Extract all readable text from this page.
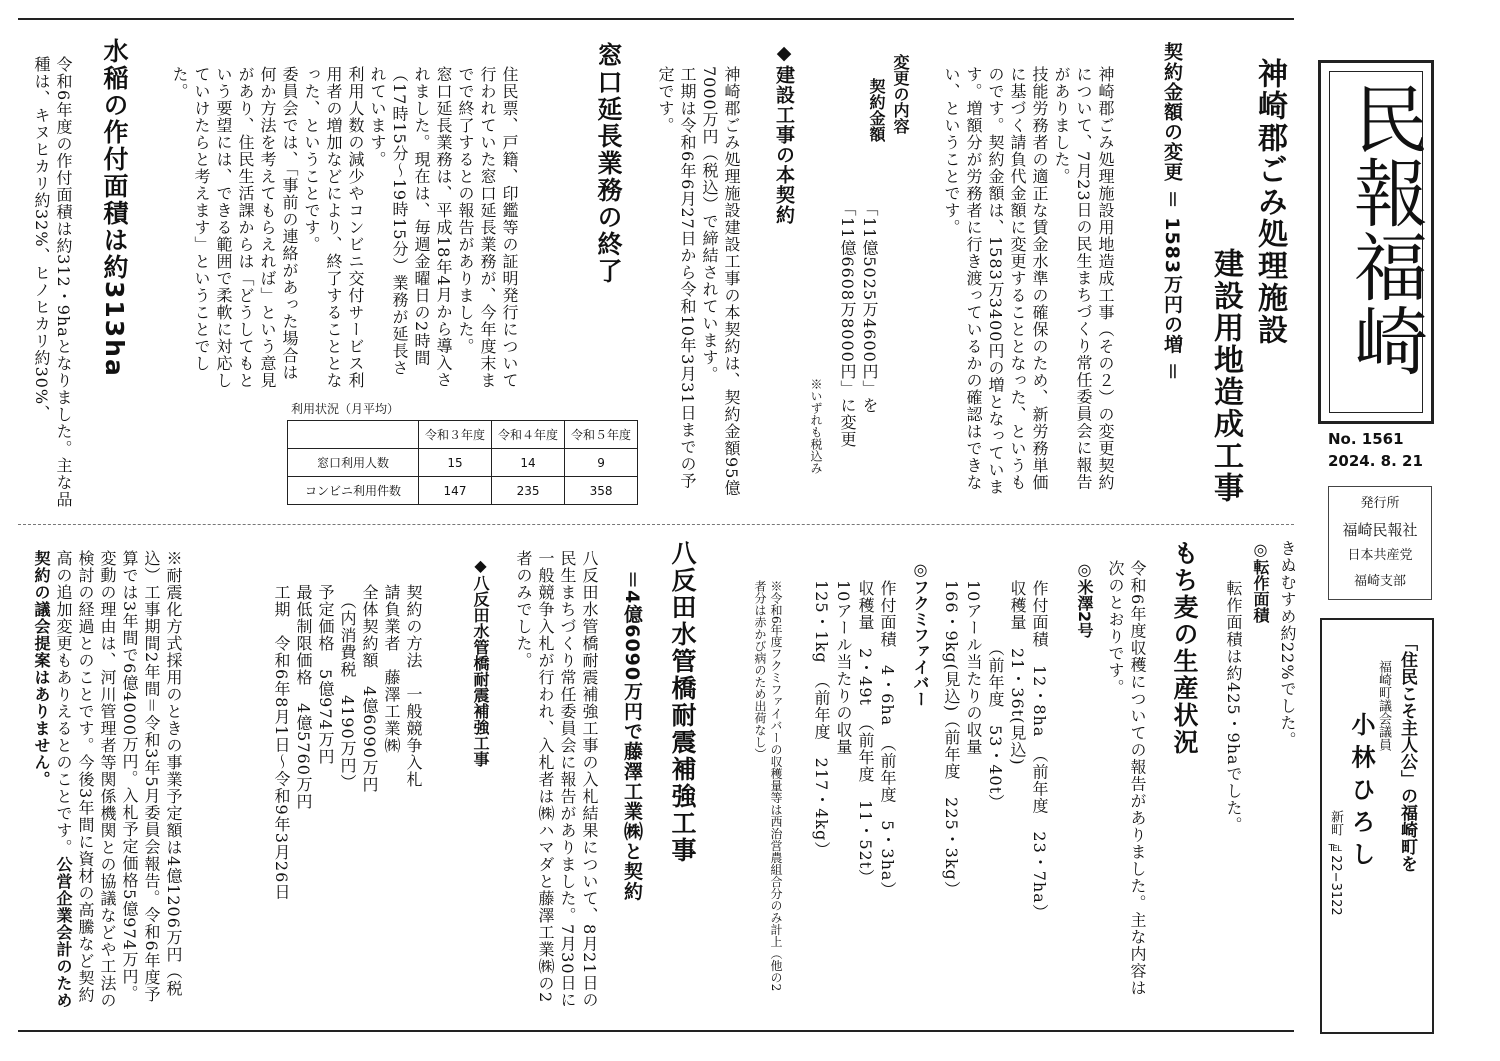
民報福崎
No. 1561
2024. 8. 21
発行所
福崎民報社
日本共産党
福崎支部
「住民こそ主人公」の福崎町を
福崎町議会議員
小 林 ひ ろ し
新町 ℡22−3122
神崎郡ごみ処理施設
建設用地造成工事
契約金額の変更 ＝ 1583万円の増 ＝
神崎郡ごみ処理施設用地造成工事（その２）の変更契約について、7月23日の民生まちづくり常任委員会に報告がありました。
技能労務者の適正な賃金水準の確保のため、新労務単価に基づく請負代金額に変更することとなった、というものです。契約金額は、1583万3400円の増となっています。増額分が労務者に行き渡っているかの確認はできない、ということです。
変更の内容
契約金額
「11億5025万4600円」を
「11億6608万8000円」に変更
※いずれも税込み
◆建設工事の本契約
神崎郡ごみ処理施設建設工事の本契約は、契約金額95億7000万円（税込）で締結されています。
工期は令和6年6月27日から令和10年3月31日までの予定です。
窓口延長業務の終了
住民票、戸籍、印鑑等の証明発行について行われていた窓口延長業務が、今年度末までで終了するとの報告がありました。
窓口延長業務は、平成18年4月から導入されました。現在は、毎週金曜日の2時間（17時15分〜19時15分）業務が延長されています。
利用人数の減少やコンビニ交付サービス利用者の増加などにより、終了することとなった、ということです。
委員会では、「事前の連絡があった場合は何か方法を考えてもらえれば」という意見があり、住民生活課からは「どうしてもという要望には、できる範囲で柔軟に対応していけたらと考えます」ということでした。
利用状況（月平均）
	令和３年度	令和４年度	令和５年度
窓口利用人数	15	14	9
コンビニ利用件数	147	235	358
水稲の作付面積は約313ha
令和6年度の作付面積は約312・9haとなりました。主な品種は、キヌヒカリ約32%、ヒノヒカリ約30%、
きぬむすめ約22%でした。
◎転作面積
転作面積は約425・9haでした。
もち麦の生産状況
令和6年度収穫についての報告がありました。主な内容は次のとおりです。
◎米澤2号
作付面積　12・8ha　（前年度　23・7ha）
収穫量　21・36t(見込)
　　　　（前年度　53・40t）
10アール当たりの収量
166・9kg(見込)（前年度　225・3kg）
◎フクミファイバー
作付面積　4・6ha　（前年度　5・3ha）
収穫量　2・49t　（前年度　11・52t）
10アール当たりの収量
125・1kg　（前年度　217・4kg）
※令和6年度フクミファイバーの収穫量等は西治営農組合分のみ計上（他の2者分は赤かび病のため出荷なし）
八反田水管橋耐震補強工事
＝4億6090万円で藤澤工業㈱と契約
八反田水管橋耐震補強工事の入札結果について、8月21日の民生まちづくり常任委員会に報告がありました。7月30日に一般競争入札が行われ、入札者は㈱ハマダと藤澤工業㈱の2者のみでした。
◆八反田水管橋耐震補強工事
契約の方法　一般競争入札
請負業者　藤澤工業㈱
全体契約額　4億6090万円
　（内消費税　4190万円）
予定価格　5億974万円
最低制限価格　4億5760万円
工期　令和6年8月1日〜令和9年3月26日
※耐震化方式採用のときの事業予定額は4億1206万円（税込）工事期間2年間＝令和3年5月委員会報告。令和6年度予算では3年間で6億4000万円。入札予定価格5億974万円。変動の理由は、河川管理者等関係機関との協議などや工法の検討の経過とのことです。今後3年間に資材の高騰など契約高の追加変更もありえるとのことです。公営企業会計のため契約の議会提案はありません。
